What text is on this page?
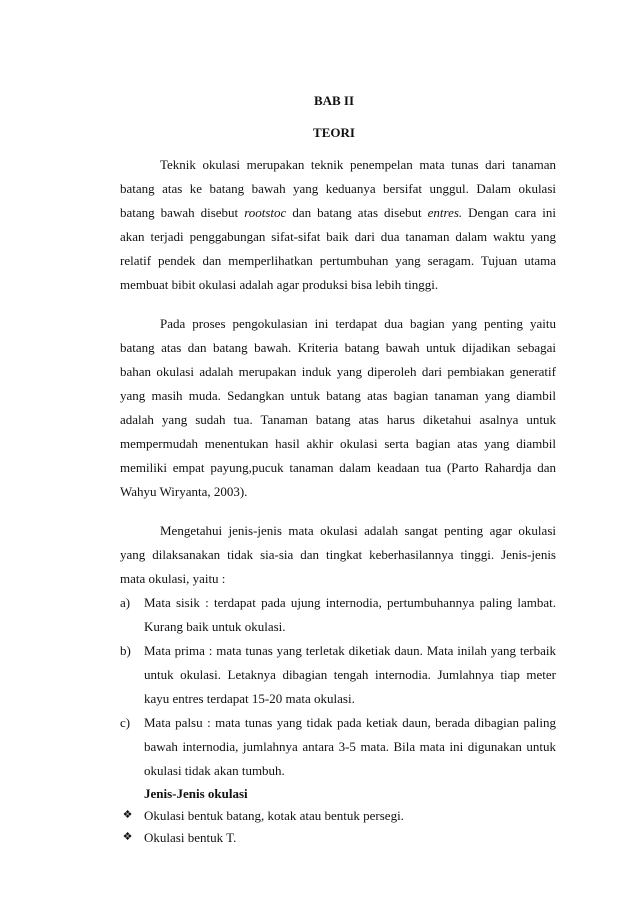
BAB II
TEORI
Teknik okulasi merupakan teknik penempelan mata tunas dari tanaman
batang atas ke batang bawah yang keduanya bersifat unggul. Dalam okulasi
batang bawah disebut rootstoc dan batang atas disebut entres. Dengan cara ini
akan terjadi penggabungan sifat-sifat baik dari dua tanaman dalam waktu yang
relatif pendek dan memperlihatkan pertumbuhan yang seragam. Tujuan utama
membuat bibit okulasi adalah agar produksi bisa lebih tinggi.
Pada proses pengokulasian ini terdapat dua bagian yang penting yaitu
batang atas dan batang bawah. Kriteria batang bawah untuk dijadikan sebagai
bahan okulasi adalah merupakan induk yang diperoleh dari pembiakan generatif
yang masih muda. Sedangkan untuk batang atas bagian tanaman yang diambil
adalah yang sudah tua. Tanaman batang atas harus diketahui asalnya untuk
mempermudah menentukan hasil akhir okulasi serta bagian atas yang diambil
memiliki empat payung,pucuk tanaman dalam keadaan tua (Parto Rahardja dan
Wahyu Wiryanta, 2003).
Mengetahui jenis-jenis mata okulasi adalah sangat penting agar okulasi
yang dilaksanakan tidak sia-sia dan tingkat keberhasilannya tinggi. Jenis-jenis
mata okulasi, yaitu :
a) Mata sisik : terdapat pada ujung internodia, pertumbuhannya paling lambat.
Kurang baik untuk okulasi.
b) Mata prima : mata tunas yang terletak diketiak daun. Mata inilah yang terbaik
untuk okulasi. Letaknya dibagian tengah internodia. Jumlahnya tiap meter
kayu entres terdapat 15-20 mata okulasi.
c) Mata palsu : mata tunas yang tidak pada ketiak daun, berada dibagian paling
bawah internodia, jumlahnya antara 3-5 mata. Bila mata ini digunakan untuk
okulasi tidak akan tumbuh.
Jenis-Jenis okulasi
❖ Okulasi bentuk batang, kotak atau bentuk persegi.
❖ Okulasi bentuk T.
